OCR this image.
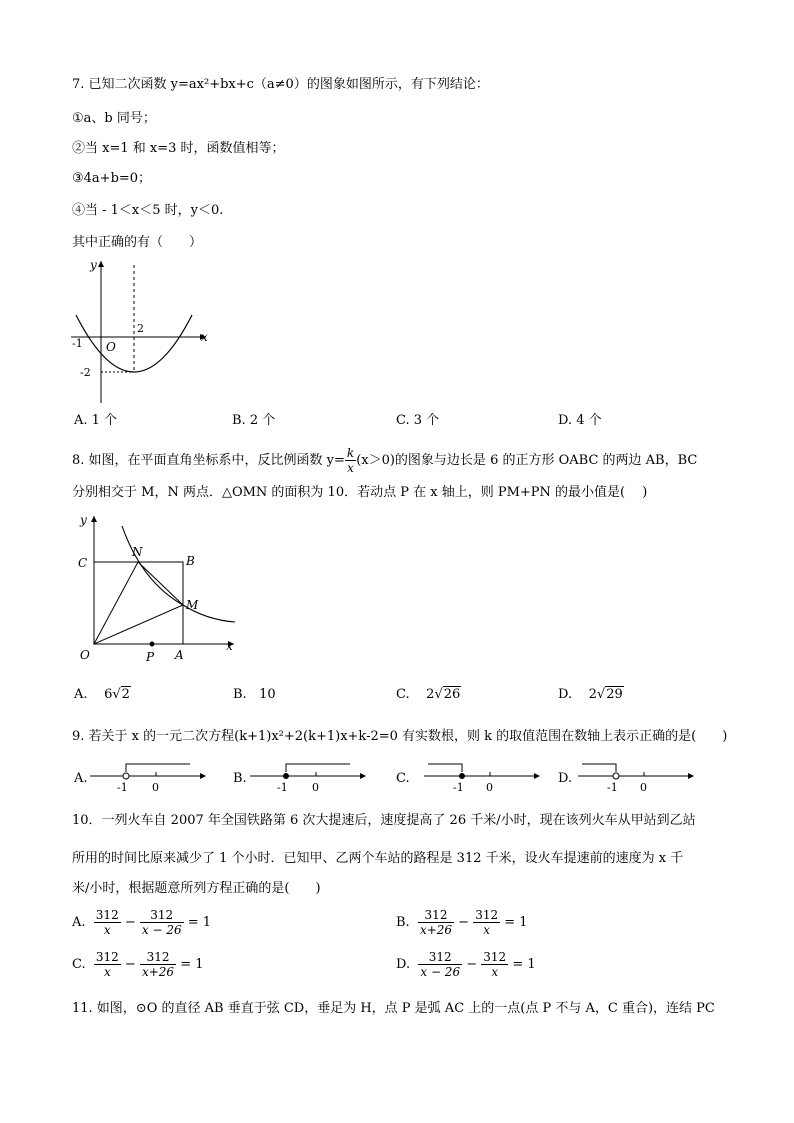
7. 已知二次函数 y=ax²+bx+c（a≠0）的图象如图所示，有下列结论：
①a、b 同号；
②当 x=1 和 x=3 时，函数值相等；
③4a+b=0；
④当 - 1＜x＜5 时，y＜0.
其中正确的有（　　）
y
x
O
-1
2
-2
A. 1 个	B. 2 个	C. 3 个	D. 4 个
8. 如图，在平面直角坐标系中，反比例函数 $y= \frac{k}{x} (x>0)$的图象与边长是 6 的正方形 OABC 的两边 AB，BC
分别相交于 M，N 两点．△OMN 的面积为 10．若动点 P 在 x 轴上，则 PM+PN 的最小值是(　 )
y
x
C
N
B
M
O	P A
A. 6√2	B. 10	C. 2√26	D. 2√29
9. 若关于 x 的一元二次方程(k+1)x²+2(k+1)x+k-2=0 有实数根，则 k 的取值范围在数轴上表示正确的是(　　)
A.
-1 0
B.
-1 0
C.
-1 0
D.
-1 0
10．一列火车自 2007 年全国铁路第 6 次大提速后，速度提高了 26 千米/小时，现在该列火车从甲站到乙站
所用的时间比原来减少了 1 个小时．已知甲、乙两个车站的路程是 312 千米，设火车提速前的速度为 x 千
米/小时，根据题意所列方程正确的是(　　)
A. $\frac{312}{x} - \frac{312}{x - 26} = 1$	B. $\frac{312}{x+26} - \frac{312}{x} = 1$
C. $\frac{312}{x} - \frac{312}{x+26} = 1$	D. $\frac{312}{x - 26} - \frac{312}{x} = 1$
11. 如图，⊙O 的直径 AB 垂直于弦 CD，垂足为 H，点 P 是弧 AC 上的一点(点 P 不与 A，C 重合)，连结 PC
